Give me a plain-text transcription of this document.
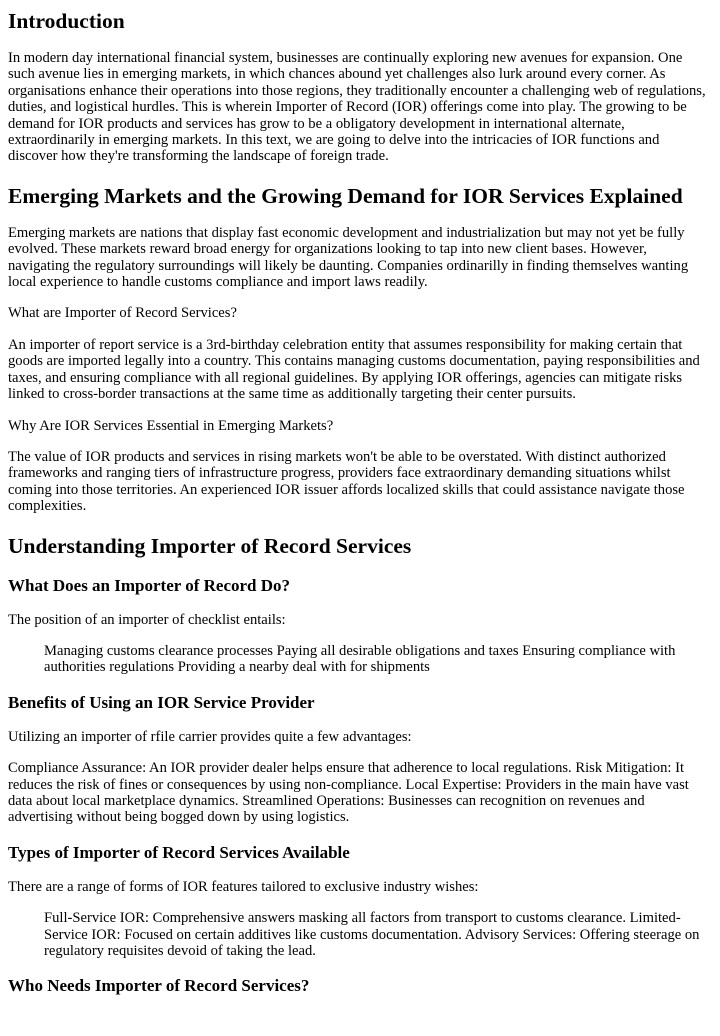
Introduction

In modern day international financial system, businesses are continually exploring new avenues for expansion. One such avenue lies in emerging markets, in which chances abound yet challenges also lurk around every corner. As organisations enhance their operations into those regions, they traditionally encounter a challenging web of regulations, duties, and logistical hurdles. This is wherein Importer of Record (IOR) offerings come into play. The growing to be demand for IOR products and services has grow to be a obligatory development in international alternate, extraordinarily in emerging markets. In this text, we are going to delve into the intricacies of IOR functions and discover how they're transforming the landscape of foreign trade.

Emerging Markets and the Growing Demand for IOR Services Explained

Emerging markets are nations that display fast economic development and industrialization but may not yet be fully evolved. These markets reward broad energy for organizations looking to tap into new client bases. However, navigating the regulatory surroundings will likely be daunting. Companies ordinarilly in finding themselves wanting local experience to handle customs compliance and import laws readily.

What are Importer of Record Services?

An importer of report service is a 3rd-birthday celebration entity that assumes responsibility for making certain that goods are imported legally into a country. This contains managing customs documentation, paying responsibilities and taxes, and ensuring compliance with all regional guidelines. By applying IOR offerings, agencies can mitigate risks linked to cross-border transactions at the same time as additionally targeting their center pursuits.

Why Are IOR Services Essential in Emerging Markets?

The value of IOR products and services in rising markets won't be able to be overstated. With distinct authorized frameworks and ranging tiers of infrastructure progress, providers face extraordinary demanding situations whilst coming into those territories. An experienced IOR issuer affords localized skills that could assistance navigate those complexities.

Understanding Importer of Record Services
What Does an Importer of Record Do?

The position of an importer of checklist entails:

Managing customs clearance processes Paying all desirable obligations and taxes Ensuring compliance with authorities regulations Providing a nearby deal with for shipments
Benefits of Using an IOR Service Provider

Utilizing an importer of rfile carrier provides quite a few advantages:

Compliance Assurance: An IOR provider dealer helps ensure that adherence to local regulations. Risk Mitigation: It reduces the risk of fines or consequences by using non-compliance. Local Expertise: Providers in the main have vast data about local marketplace dynamics. Streamlined Operations: Businesses can recognition on revenues and advertising without being bogged down by using logistics.

Types of Importer of Record Services Available

There are a range of forms of IOR features tailored to exclusive industry wishes:

Full-Service IOR: Comprehensive answers masking all factors from transport to customs clearance. Limited-Service IOR: Focused on certain additives like customs documentation. Advisory Services: Offering steerage on regulatory requisites devoid of taking the lead.
Who Needs Importer of Record Services?
